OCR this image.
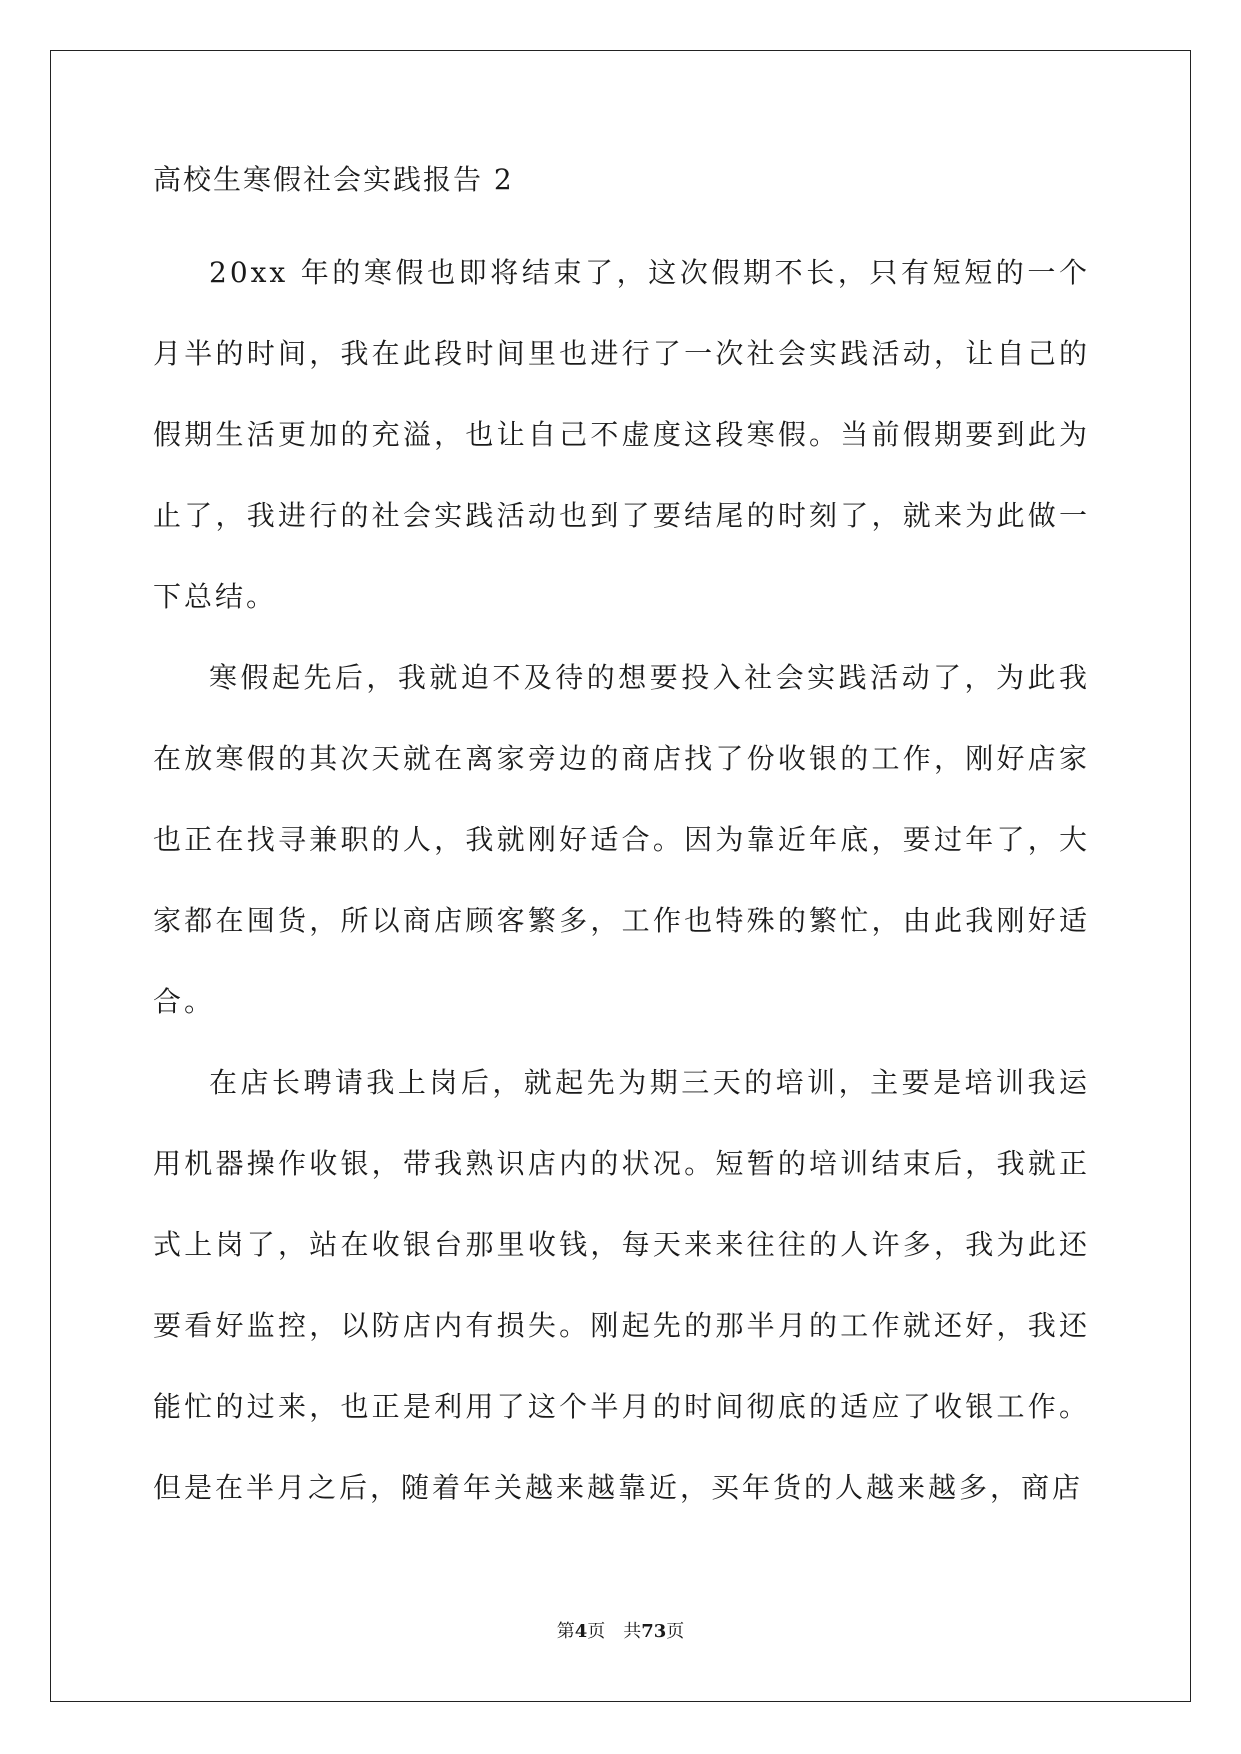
高校生寒假社会实践报告 2

20xx 年的寒假也即将结束了，这次假期不长，只有短短的一个月半的时间，我在此段时间里也进行了一次社会实践活动，让自己的假期生活更加的充溢，也让自己不虚度这段寒假。当前假期要到此为止了，我进行的社会实践活动也到了要结尾的时刻了，就来为此做一下总结。

寒假起先后，我就迫不及待的想要投入社会实践活动了，为此我在放寒假的其次天就在离家旁边的商店找了份收银的工作，刚好店家也正在找寻兼职的人，我就刚好适合。因为靠近年底，要过年了，大家都在囤货，所以商店顾客繁多，工作也特殊的繁忙，由此我刚好适合。

在店长聘请我上岗后，就起先为期三天的培训，主要是培训我运用机器操作收银，带我熟识店内的状况。短暂的培训结束后，我就正式上岗了，站在收银台那里收钱，每天来来往往的人许多，我为此还要看好监控，以防店内有损失。刚起先的那半月的工作就还好，我还能忙的过来，也正是利用了这个半月的时间彻底的适应了收银工作。但是在半月之后，随着年关越来越靠近，买年货的人越来越多，商店

第4页 共73页
